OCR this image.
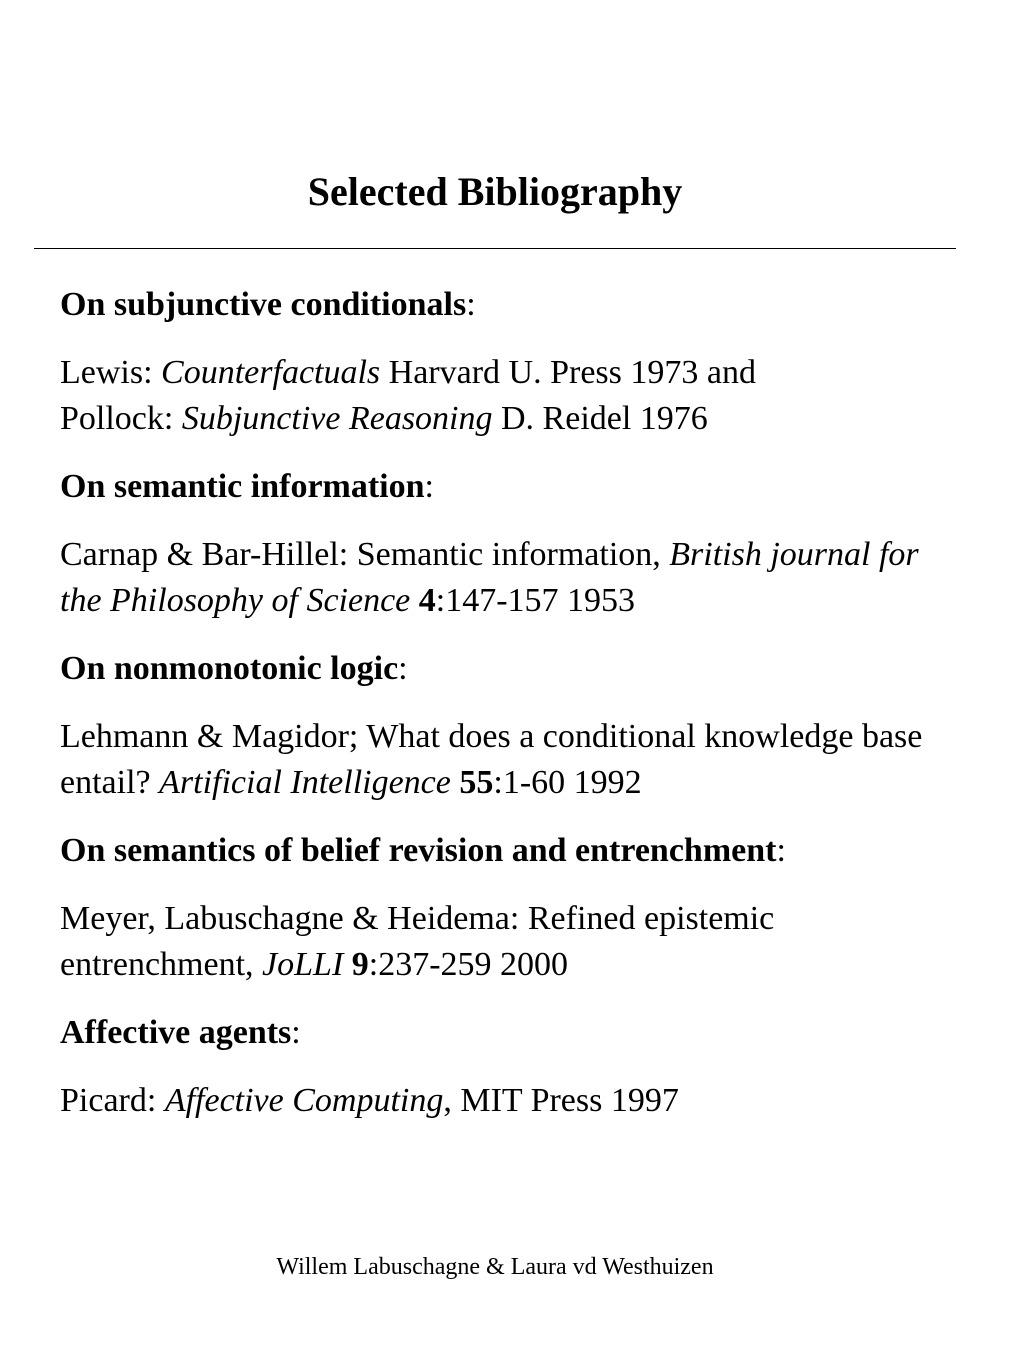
Selected Bibliography
On subjunctive conditionals:
Lewis: Counterfactuals Harvard U. Press 1973 and
Pollock: Subjunctive Reasoning D. Reidel 1976
On semantic information:
Carnap & Bar-Hillel: Semantic information, British journal for the Philosophy of Science 4:147-157 1953
On nonmonotonic logic:
Lehmann & Magidor; What does a conditional knowledge base entail? Artificial Intelligence 55:1-60 1992
On semantics of belief revision and entrenchment:
Meyer, Labuschagne & Heidema: Refined epistemic entrenchment, JoLLI 9:237-259 2000
Affective agents:
Picard: Affective Computing, MIT Press 1997
Willem Labuschagne & Laura vd Westhuizen
